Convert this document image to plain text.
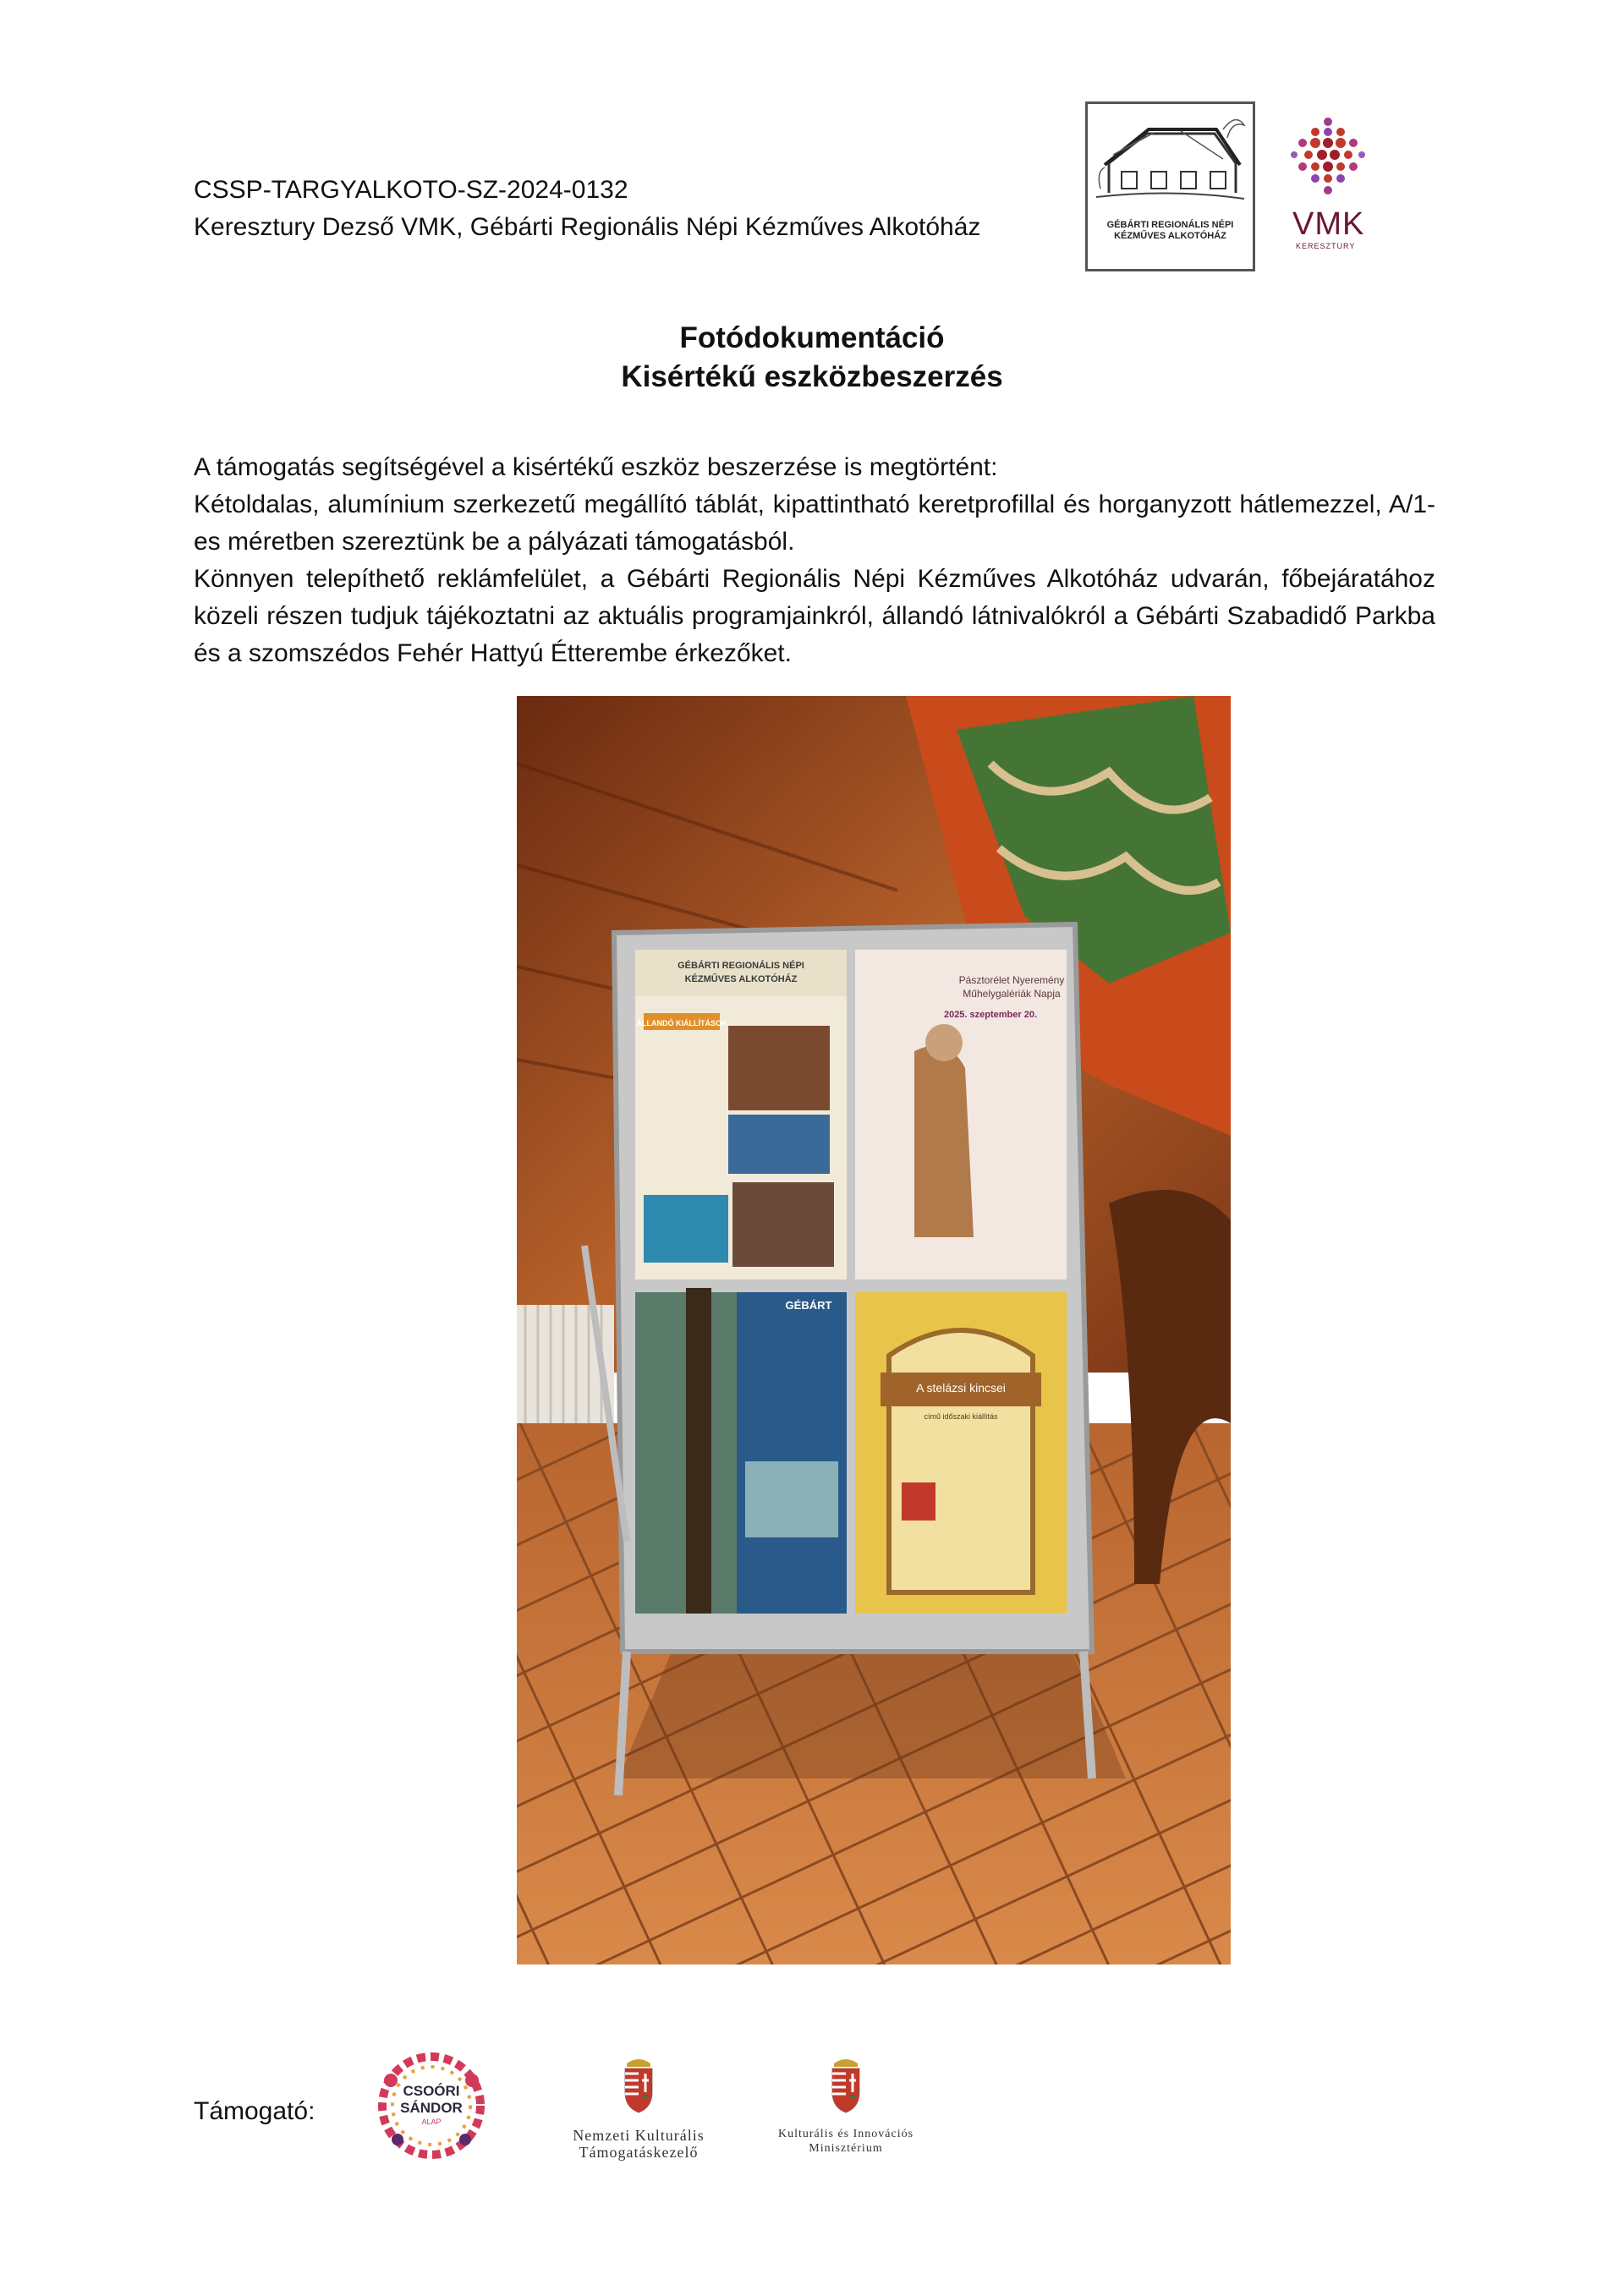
CSSP-TARGYALKOTO-SZ-2024-0132
Keresztury Dezső VMK, Gébárti Regionális Népi Kézműves Alkotóház	GÉBÁRTI REGIONÁLIS NÉPI
KÉZMŰVES ALKOTÓHÁZ	VMK
KERESZTURY
Fotódokumentáció
Kisértékű eszközbeszerzés

A támogatás segítségével a kisértékű eszköz beszerzése is megtörtént:

Kétoldalas, alumínium szerkezetű megállító táblát, kipattintható keretprofillal és horganyzott hátlemezzel, A/1-es méretben szereztünk be a pályázati támogatásból.

Könnyen telepíthető reklámfelület, a Gébárti Regionális Népi Kézműves Alkotóház udvarán, főbejáratához közeli részen tudjuk tájékoztatni az aktuális programjainkról, állandó látnivalókról a Gébárti Szabadidő Parkba és a szomszédos Fehér Hattyú Étterembe érkezőket.

GÉBÁRTI REGIONÁLIS NÉPI
KÉZMŰVES ALKOTÓHÁZ
ÁLLANDÓ KIÁLLÍTÁSOK
Pásztorélet Nyeremény
Műhelygalériák Napja
2025. szeptember 20.
GÉBÁRT
A stelázsi kincsei
című időszaki kiállítás
Támogató:
CSOÓRI
SÁNDOR
ALAP
Nemzeti Kulturális
Támogatáskezelő
Kulturális és Innovációs
Minisztérium
